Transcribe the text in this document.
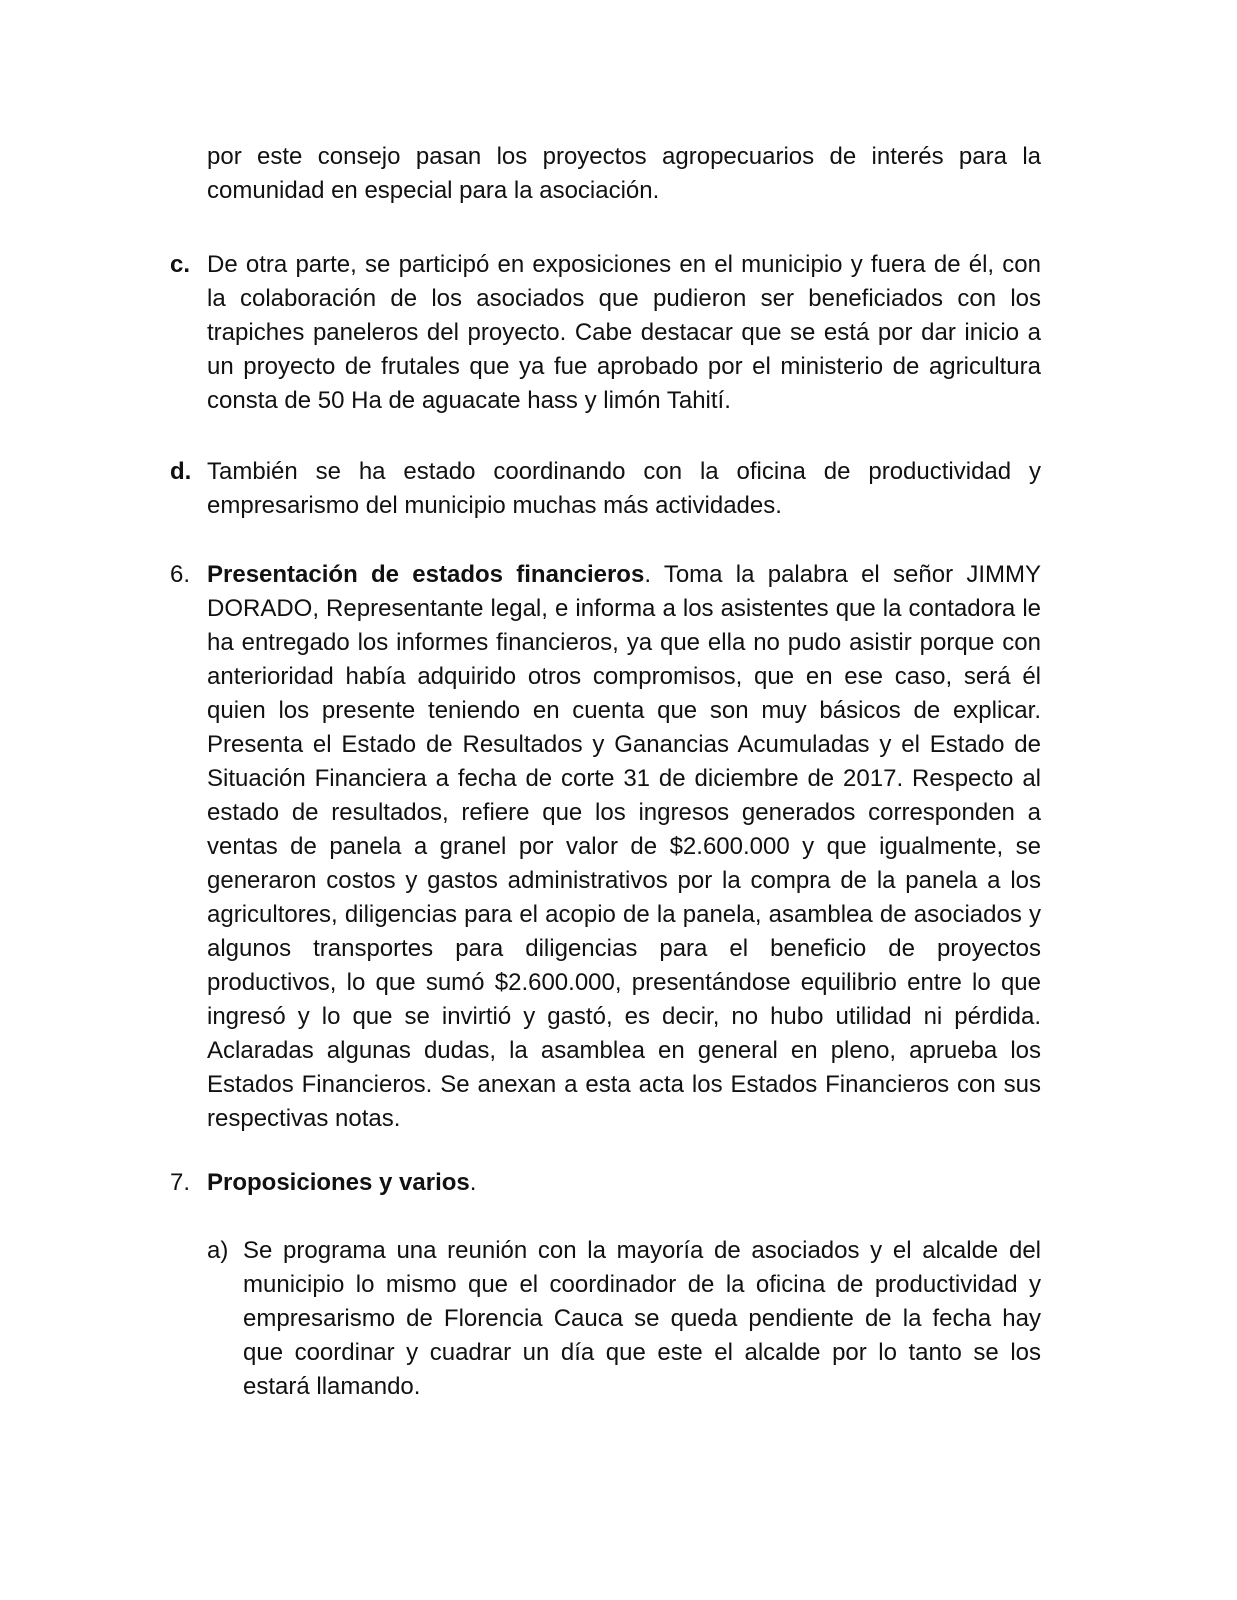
por este consejo pasan los proyectos agropecuarios de interés para la comunidad en especial para la asociación.
c. De otra parte, se participó en exposiciones en el municipio y fuera de él, con la colaboración de los asociados que pudieron ser beneficiados con los trapiches paneleros del proyecto. Cabe destacar que se está por dar inicio a un proyecto de frutales que ya fue aprobado por el ministerio de agricultura consta de 50 Ha de aguacate hass y limón Tahití.
d. También se ha estado coordinando con la oficina de productividad y empresarismo del municipio muchas más actividades.
6. Presentación de estados financieros. Toma la palabra el señor JIMMY DORADO, Representante legal, e informa a los asistentes que la contadora le ha entregado los informes financieros, ya que ella no pudo asistir porque con anterioridad había adquirido otros compromisos, que en ese caso, será él quien los presente teniendo en cuenta que son muy básicos de explicar. Presenta el Estado de Resultados y Ganancias Acumuladas y el Estado de Situación Financiera a fecha de corte 31 de diciembre de 2017. Respecto al estado de resultados, refiere que los ingresos generados corresponden a ventas de panela a granel por valor de $2.600.000 y que igualmente, se generaron costos y gastos administrativos por la compra de la panela a los agricultores, diligencias para el acopio de la panela, asamblea de asociados y algunos transportes para diligencias para el beneficio de proyectos productivos, lo que sumó $2.600.000, presentándose equilibrio entre lo que ingresó y lo que se invirtió y gastó, es decir, no hubo utilidad ni pérdida. Aclaradas algunas dudas, la asamblea en general en pleno, aprueba los Estados Financieros. Se anexan a esta acta los Estados Financieros con sus respectivas notas.
7. Proposiciones y varios.
a) Se programa una reunión con la mayoría de asociados y el alcalde del municipio lo mismo que el coordinador de la oficina de productividad y empresarismo de Florencia Cauca se queda pendiente de la fecha hay que coordinar y cuadrar un día que este el alcalde por lo tanto se los estará llamando.
